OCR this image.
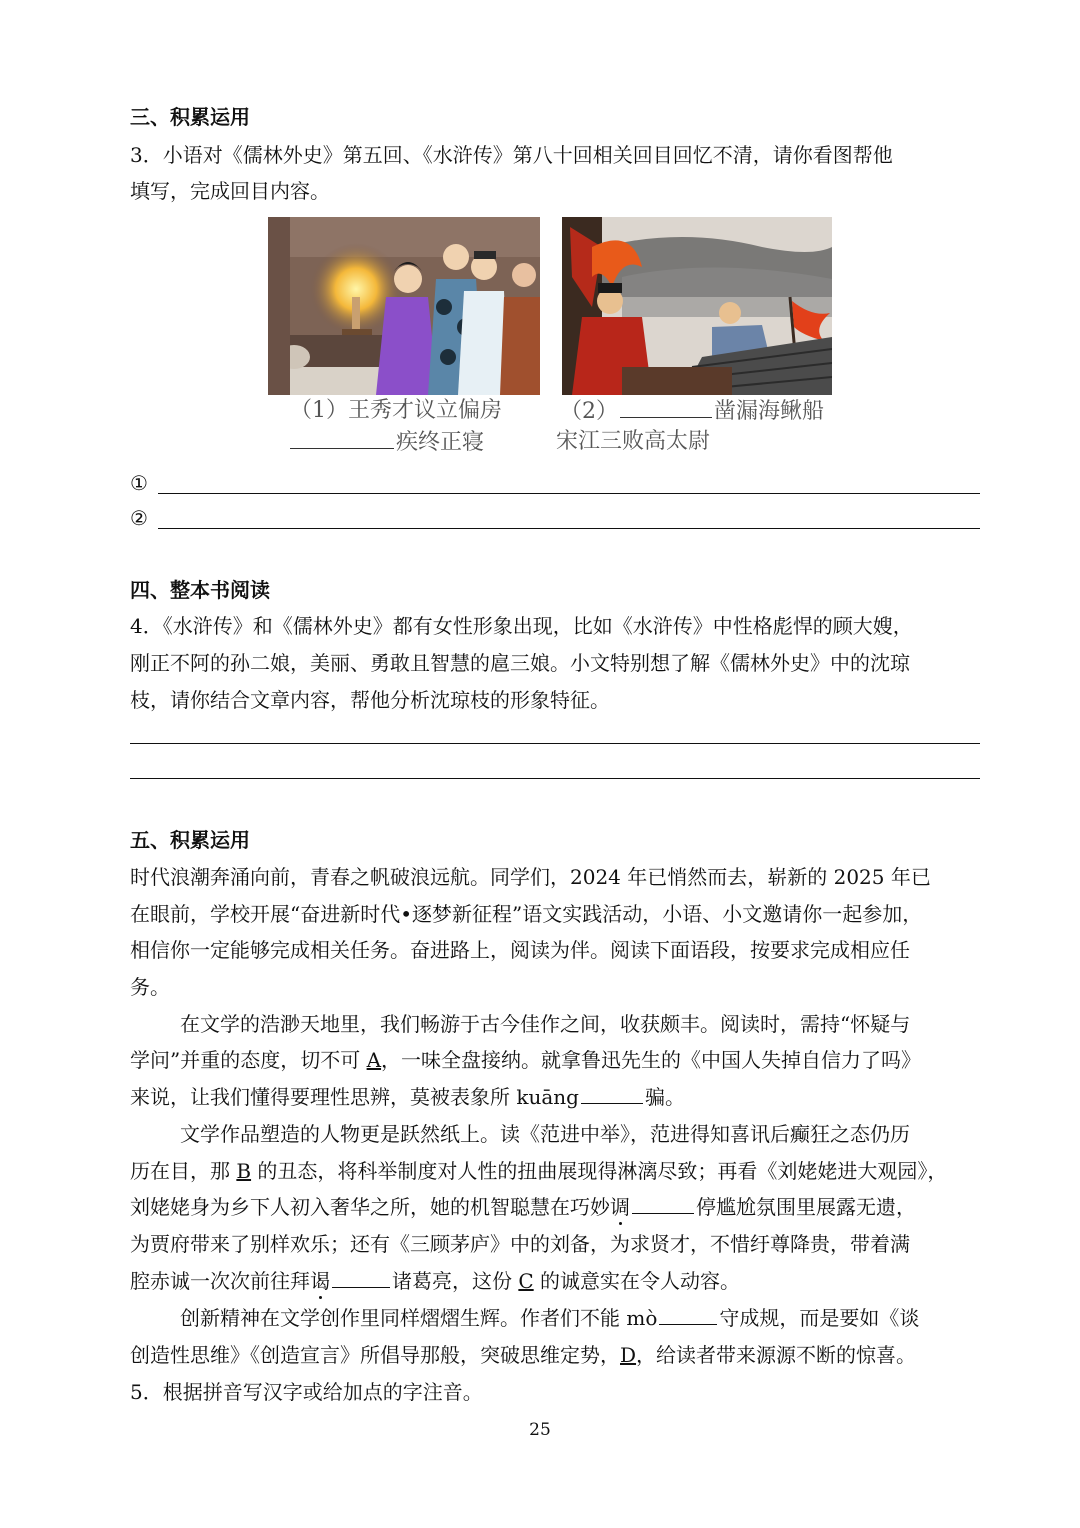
三、积累运用
3．小语对《儒林外史》第五回、《水浒传》第八十回相关回目回忆不清，请你看图帮他
填写，完成回目内容。
（1）王秀才议立偏房
疾终正寝
（2）	凿漏海鳅船
宋江三败高太尉
①
②
四、整本书阅读
4．《水浒传》和《儒林外史》都有女性形象出现，比如《水浒传》中性格彪悍的顾大嫂，
刚正不阿的孙二娘，美丽、勇敢且智慧的扈三娘。小文特别想了解《儒林外史》中的沈琼
枝，请你结合文章内容，帮他分析沈琼枝的形象特征。
五、积累运用
时代浪潮奔涌向前，青春之帆破浪远航。同学们，2024 年已悄然而去，崭新的 2025 年已
在眼前，学校开展“奋进新时代•逐梦新征程”语文实践活动，小语、小文邀请你一起参加，
相信你一定能够完成相关任务。奋进路上，阅读为伴。阅读下面语段，按要求完成相应任
务。
在文学的浩渺天地里，我们畅游于古今佳作之间，收获颇丰。阅读时，需持“怀疑与
学问”并重的态度，切不可 A，一味全盘接纳。就拿鲁迅先生的《中国人失掉自信力了吗》
来说，让我们懂得要理性思辨，莫被表象所 kuāng	骗。
文学作品塑造的人物更是跃然纸上。读《范进中举》，范进得知喜讯后癫狂之态仍历
历在目，那 B 的丑态，将科举制度对人性的扭曲展现得淋漓尽致；再看《刘姥姥进大观园》，
刘姥姥身为乡下人初入奢华之所，她的机智聪慧在巧妙调	停尴尬氛围里展露无遗，
为贾府带来了别样欢乐；还有《三顾茅庐》中的刘备，为求贤才，不惜纡尊降贵，带着满
腔赤诚一次次前往拜谒	诸葛亮，这份 C 的诚意实在令人动容。
创新精神在文学创作里同样熠熠生辉。作者们不能 mò	守成规，而是要如《谈
创造性思维》《创造宣言》所倡导那般，突破思维定势，D，给读者带来源源不断的惊喜。
5．根据拼音写汉字或给加点的字注音。
25
